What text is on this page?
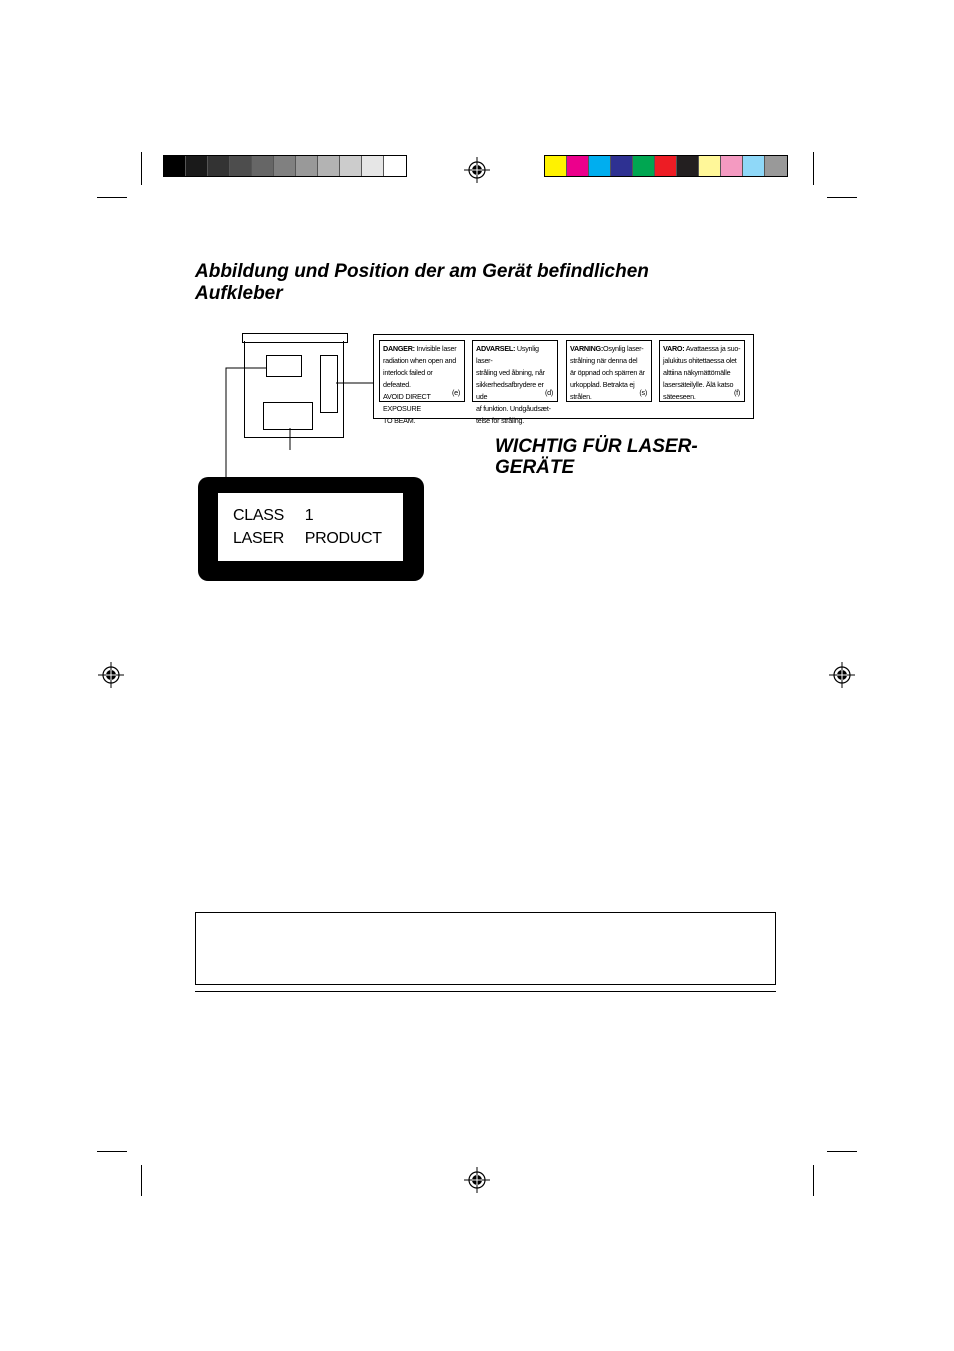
Abbildung und Position der am Gerät befindlichen
Aufkleber
DANGER: Invisible laser
radiation when open and
interlock failed or defeated.
AVOID DIRECT EXPOSURE
TO BEAM.
(e)
ADVARSEL: Usynlig laser-
stråling ved åbning, når
sikkerhedsafbrydere er ude
af funktion. Undgåudsæt-
telse for stråling.
(d)
VARNING:Osynlig laser-
strålning när denna del
är öppnad och spärren är
urkopplad. Betrakta ej
strålen.	(s)
VARO: Avattaessa ja suo-
jalukitus ohitettaessa olet
alttiina näkymättömälle
lasersäteilylle. Älä katso
säteeseen.	(f)
CLASS     1
LASER     PRODUCT
WICHTIG FÜR LASER-
GERÄTE
